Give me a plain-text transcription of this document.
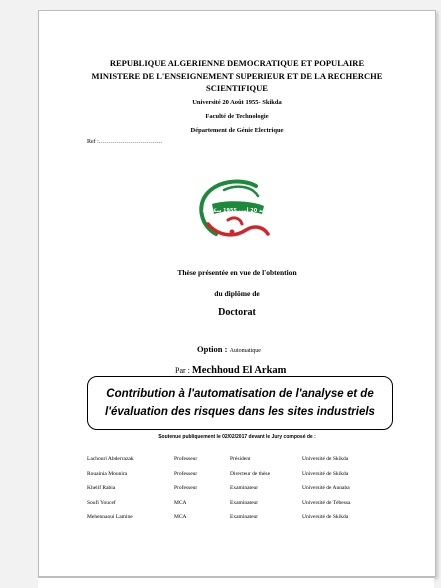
REPUBLIQUE ALGERIENNE DEMOCRATIQUE ET POPULAIRE
MINISTERE DE L'ENSEIGNEMENT SUPERIEUR ET DE LA RECHERCHE
SCIENTIFIQUE
Université 20 Août 1955- Skikda
Faculté de Technologie
Département de Génie Electrique
Ref :…………………………..
جامعة 20 أوت 1955 سكيكدة
Thèse présentée en vue de l'obtention
du diplôme de
Doctorat
Option : Automatique
Par : Mechhoud El Arkam
Contribution à l'automatisation de l'analyse et de l'évaluation des risques dans les sites industriels
Soutenue publiquement le 02/02/2017 devant le Jury composé de :
Lachouri Abderrazak	Professeur	Président	Université de Skikda
Rouainia Mounira	Professeur	Directeur de thèse	Université de Skikda
Khelif Rabia	Professeur	Examinateur	Université de Annaba
Soufi Youcef	MCA	Examinateur	Université de Tébessa
Mehennaoui Lamine	MCA	Examinateur	Université de Skikda
